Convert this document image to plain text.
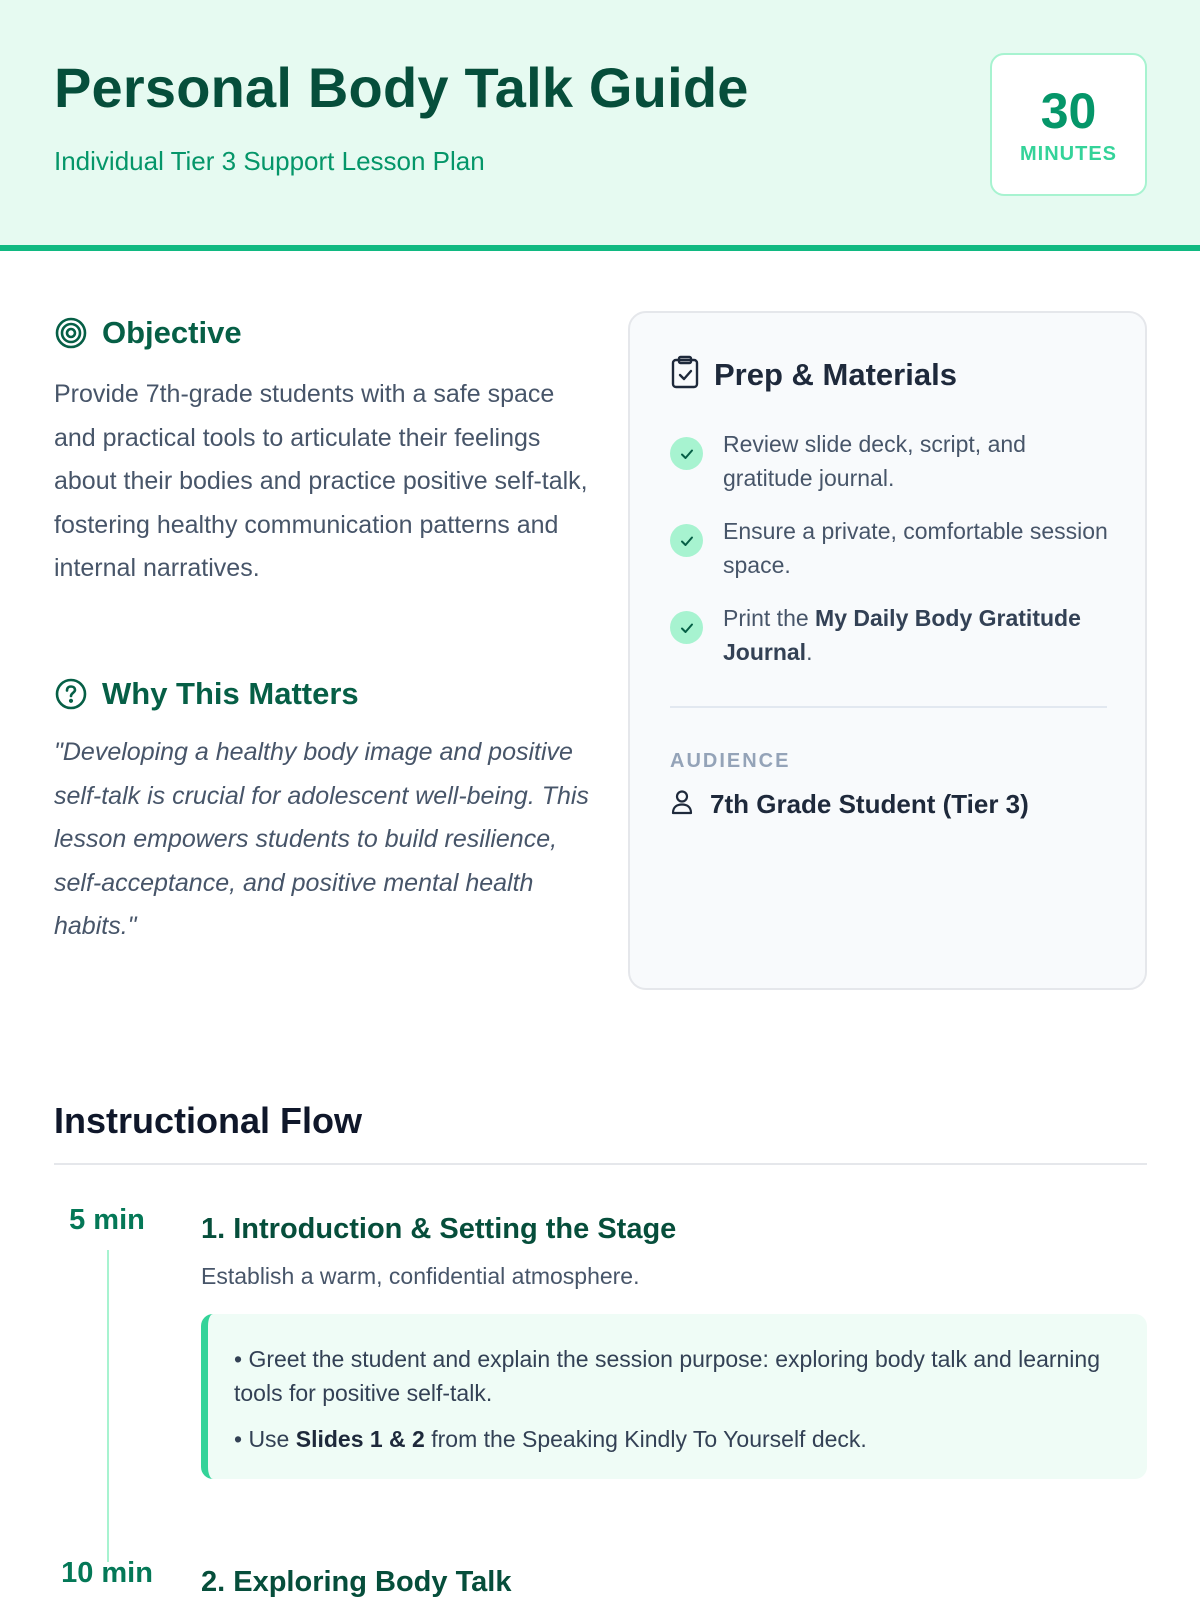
Personal Body Talk Guide
Individual Tier 3 Support Lesson Plan
30
MINUTES
Objective

Provide 7th-grade students with a safe space and practical tools to articulate their feelings about their bodies and practice positive self-talk, fostering healthy communication patterns and internal narratives.

Why This Matters

"Developing a healthy body image and positive self-talk is crucial for adolescent well-being. This lesson empowers students to build resilience, self-acceptance, and positive mental health habits."

Prep & Materials
Review slide deck, script, and gratitude journal.
Ensure a private, comfortable session space.
Print the My Daily Body Gratitude Journal.
AUDIENCE
7th Grade Student (Tier 3)
Instructional Flow
5 min	1. Introduction & Setting the Stage
Establish a warm, confidential atmosphere.

• Greet the student and explain the session purpose: exploring body talk and learning tools for positive self-talk.

• Use Slides 1 & 2 from the Speaking Kindly To Yourself deck.

10 min	2. Exploring Body Talk
